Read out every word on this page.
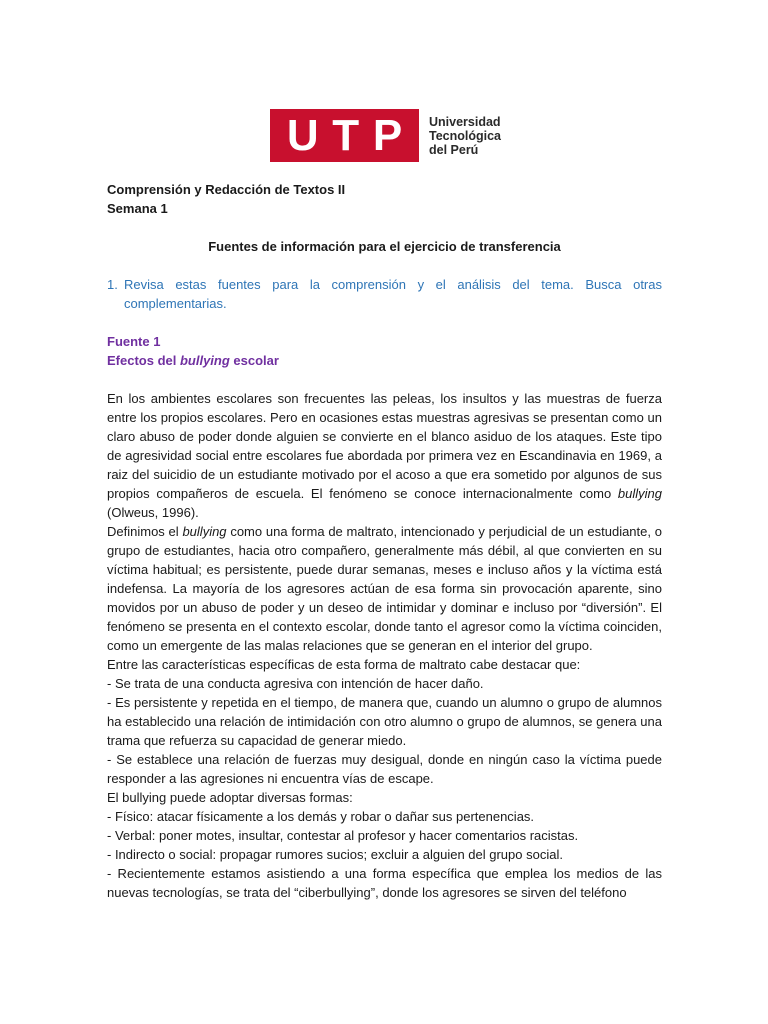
U T P Universidad
Tecnológica
del Perú

Comprensión y Redacción de Textos II

Semana 1

Fuentes de información para el ejercicio de transferencia

1. Revisa estas fuentes para la comprensión y el análisis del tema. Busca otras complementarias.

Fuente 1

Efectos del bullying escolar

En los ambientes escolares son frecuentes las peleas, los insultos y las muestras de fuerza entre los propios escolares. Pero en ocasiones estas muestras agresivas se presentan como un claro abuso de poder donde alguien se convierte en el blanco asiduo de los ataques. Este tipo de agresividad social entre escolares fue abordada por primera vez en Escandinavia en 1969, a raiz del suicidio de un estudiante motivado por el acoso a que era sometido por algunos de sus propios compañeros de escuela. El fenómeno se conoce internacionalmente como bullying (Olweus, 1996).

Definimos el bullying como una forma de maltrato, intencionado y perjudicial de un estudiante, o grupo de estudiantes, hacia otro compañero, generalmente más débil, al que convierten en su víctima habitual; es persistente, puede durar semanas, meses e incluso años y la víctima está indefensa. La mayoría de los agresores actúan de esa forma sin provocación aparente, sino movidos por un abuso de poder y un deseo de intimidar y dominar e incluso por “diversión”. El fenómeno se presenta en el contexto escolar, donde tanto el agresor como la víctima coinciden, como un emergente de las malas relaciones que se generan en el interior del grupo.

Entre las características específicas de esta forma de maltrato cabe destacar que:

- Se trata de una conducta agresiva con intención de hacer daño.

- Es persistente y repetida en el tiempo, de manera que, cuando un alumno o grupo de alumnos ha establecido una relación de intimidación con otro alumno o grupo de alumnos, se genera una trama que refuerza su capacidad de generar miedo.

- Se establece una relación de fuerzas muy desigual, donde en ningún caso la víctima puede responder a las agresiones ni encuentra vías de escape.

El bullying puede adoptar diversas formas:

- Físico: atacar físicamente a los demás y robar o dañar sus pertenencias.

- Verbal: poner motes, insultar, contestar al profesor y hacer comentarios racistas.

- Indirecto o social: propagar rumores sucios; excluir a alguien del grupo social.

- Recientemente estamos asistiendo a una forma específica que emplea los medios de las nuevas tecnologías, se trata del “ciberbullying”, donde los agresores se sirven del teléfono
